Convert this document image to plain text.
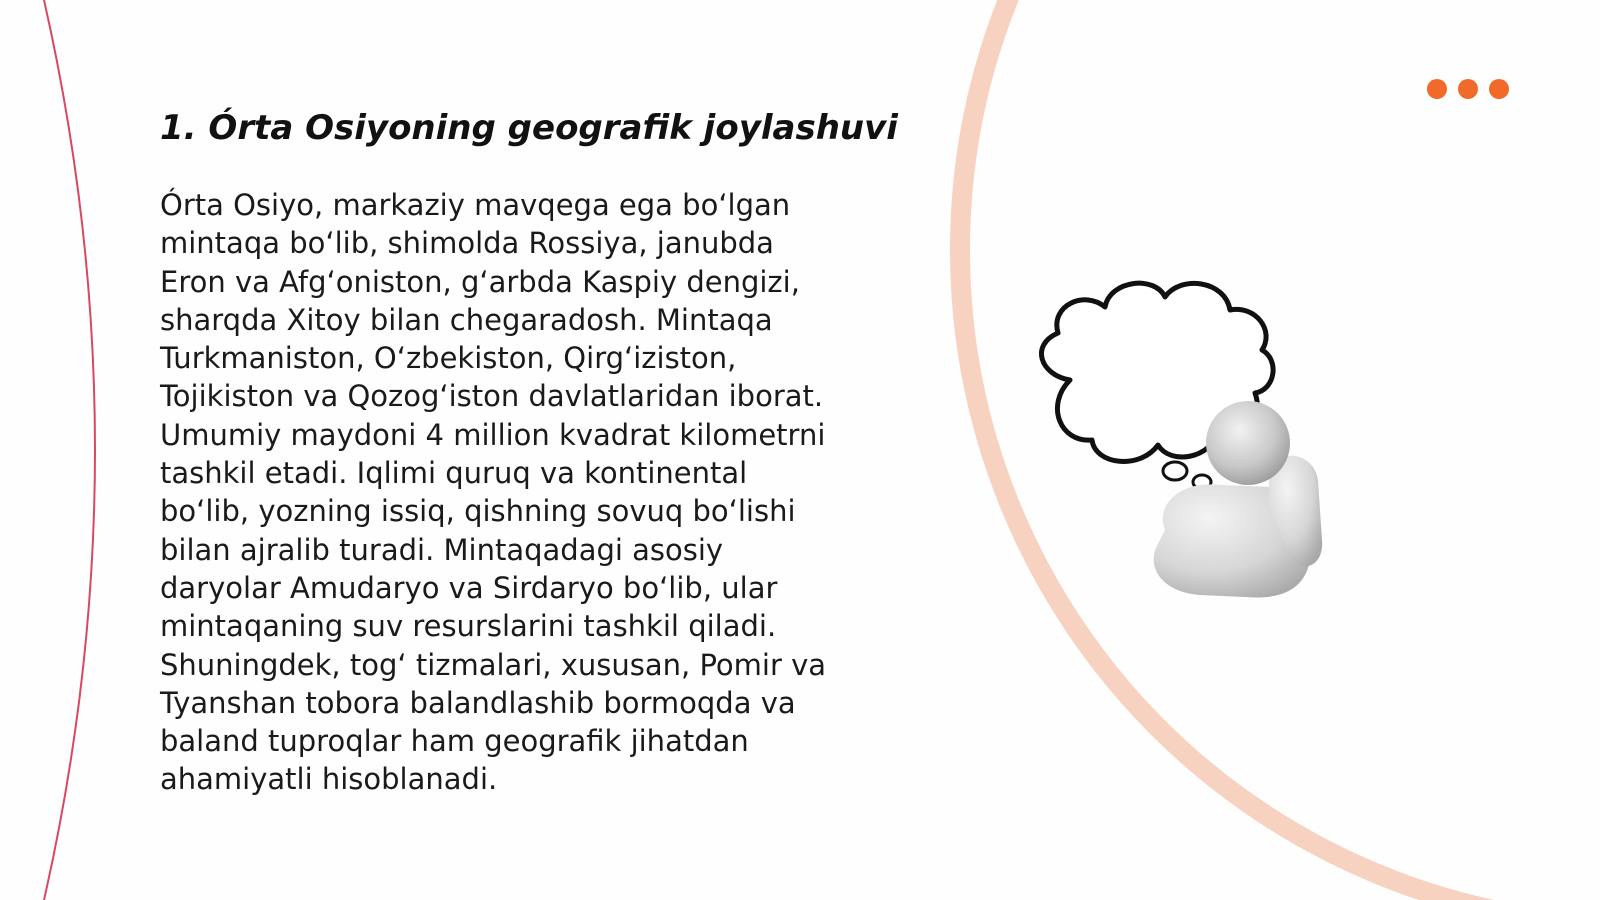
1. Órta Osiyoning geografik joylashuvi

Órta Osiyo, markaziy mavqega ega boʻlgan mintaqa boʻlib, shimolda Rossiya, janubda Eron va Afgʻoniston, gʻarbda Kaspiy dengizi, sharqda Xitoy bilan chegaradosh. Mintaqa Turkmaniston, Oʻzbekiston, Qirgʻiziston, Tojikiston va Qozogʻiston davlatlaridan iborat. Umumiy maydoni 4 million kvadrat kilometrni tashkil etadi. Iqlimi quruq va kontinental boʻlib, yozning issiq, qishning sovuq boʻlishi bilan ajralib turadi. Mintaqadagi asosiy daryolar Amudaryo va Sirdaryo boʻlib, ular mintaqaning suv resurslarini tashkil qiladi. Shuningdek, togʻ tizmalari, xususan, Pomir va Tyanshan tobora balandlashib bormoqda va baland tuproqlar ham geografik jihatdan ahamiyatli hisoblanadi.
